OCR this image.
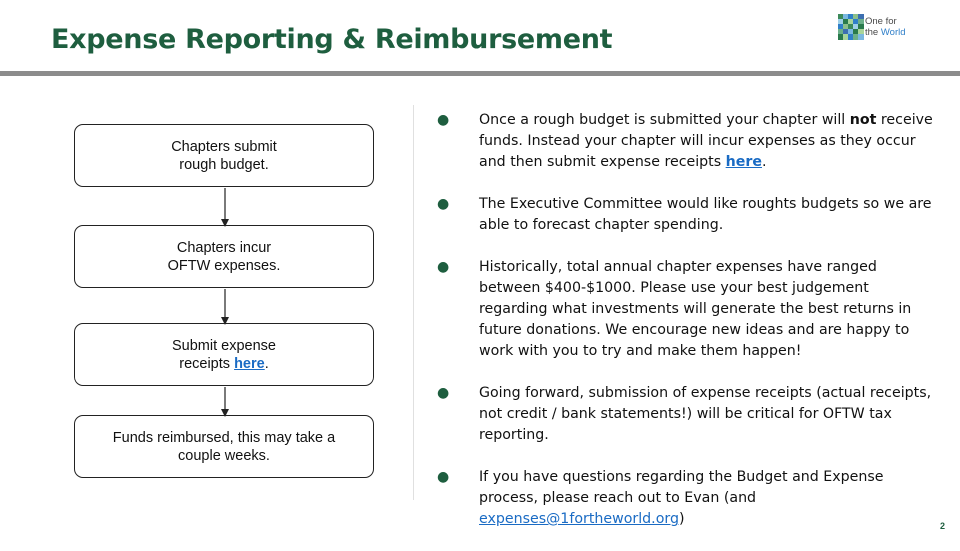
Expense Reporting & Reimbursement
One for
the World
Chapters submit
rough budget.
Chapters incur
OFTW expenses.
Submit expense
receipts here.
Funds reimbursed, this may take a
couple weeks.
● Once a rough budget is submitted your chapter will not receive funds. Instead your chapter will incur expenses as they occur and then submit expense receipts here.
● The Executive Committee would like roughts budgets so we are able to forecast chapter spending.
● Historically, total annual chapter expenses have ranged between $400-$1000. Please use your best judgement regarding what investments will generate the best returns in future donations. We encourage new ideas and are happy to work with you to try and make them happen!
● Going forward, submission of expense receipts (actual receipts, not credit / bank statements!) will be critical for OFTW tax reporting.
● If you have questions regarding the Budget and Expense process, please reach out to Evan (and expenses@1fortheworld.org)	2
